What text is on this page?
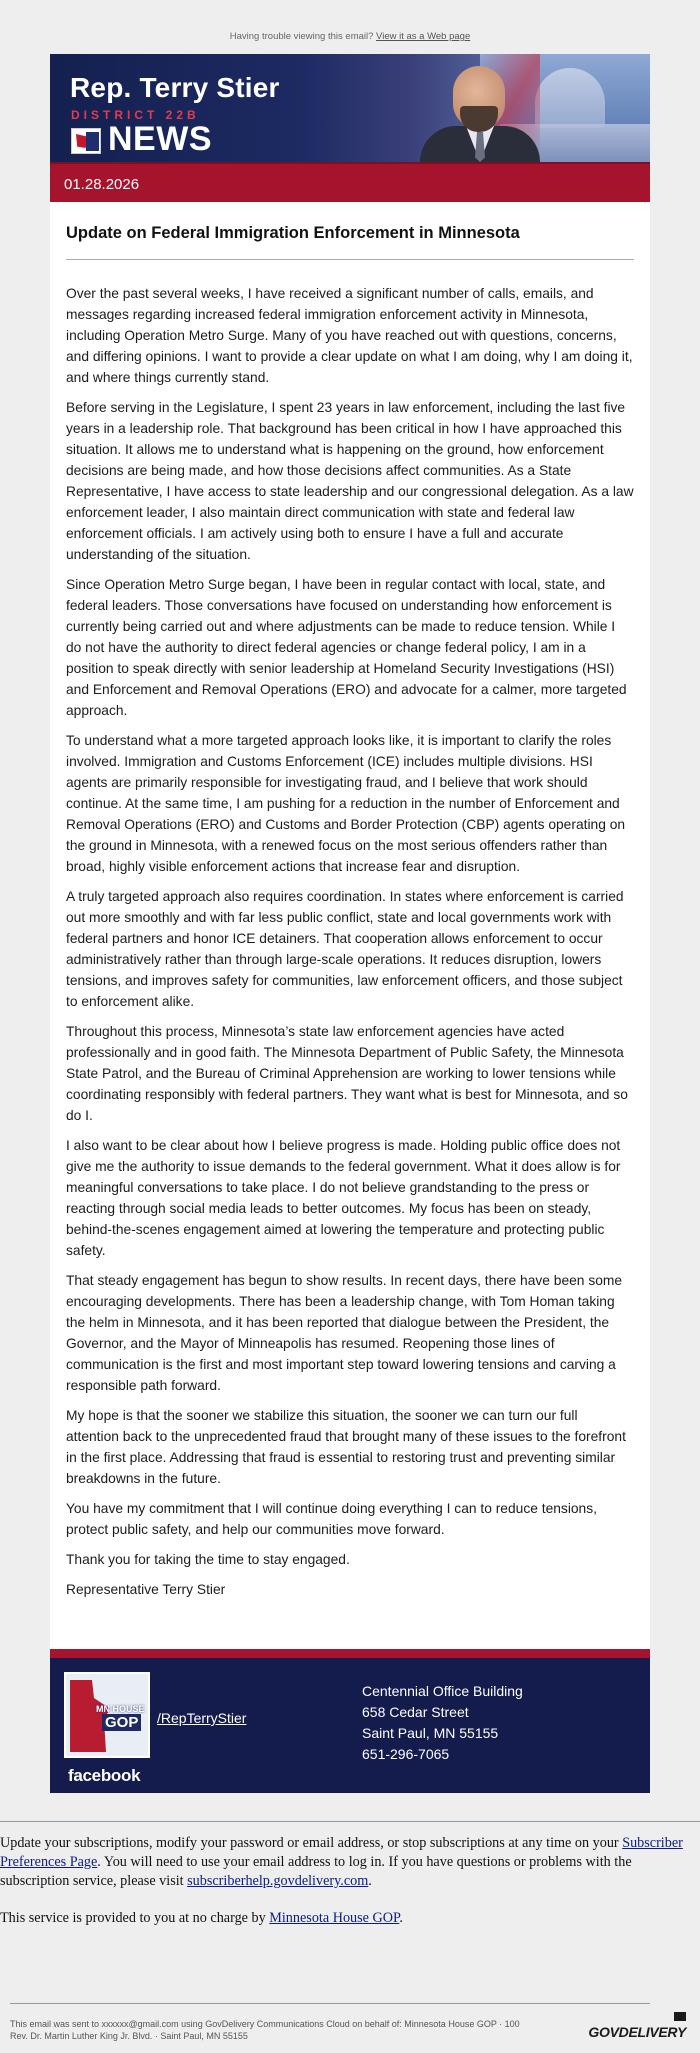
Having trouble viewing this email? View it as a Web page
Rep. Terry Stier
DISTRICT 22B
NEWS
01.28.2026
Update on Federal Immigration Enforcement in Minnesota

Over the past several weeks, I have received a significant number of calls, emails, and messages regarding increased federal immigration enforcement activity in Minnesota, including Operation Metro Surge. Many of you have reached out with questions, concerns, and differing opinions. I want to provide a clear update on what I am doing, why I am doing it, and where things currently stand.

Before serving in the Legislature, I spent 23 years in law enforcement, including the last five years in a leadership role. That background has been critical in how I have approached this situation. It allows me to understand what is happening on the ground, how enforcement decisions are being made, and how those decisions affect communities. As a State Representative, I have access to state leadership and our congressional delegation. As a law enforcement leader, I also maintain direct communication with state and federal law enforcement officials. I am actively using both to ensure I have a full and accurate understanding of the situation.

Since Operation Metro Surge began, I have been in regular contact with local, state, and federal leaders. Those conversations have focused on understanding how enforcement is currently being carried out and where adjustments can be made to reduce tension. While I do not have the authority to direct federal agencies or change federal policy, I am in a position to speak directly with senior leadership at Homeland Security Investigations (HSI) and Enforcement and Removal Operations (ERO) and advocate for a calmer, more targeted approach.

To understand what a more targeted approach looks like, it is important to clarify the roles involved. Immigration and Customs Enforcement (ICE) includes multiple divisions. HSI agents are primarily responsible for investigating fraud, and I believe that work should continue. At the same time, I am pushing for a reduction in the number of Enforcement and Removal Operations (ERO) and Customs and Border Protection (CBP) agents operating on the ground in Minnesota, with a renewed focus on the most serious offenders rather than broad, highly visible enforcement actions that increase fear and disruption.

A truly targeted approach also requires coordination. In states where enforcement is carried out more smoothly and with far less public conflict, state and local governments work with federal partners and honor ICE detainers. That cooperation allows enforcement to occur administratively rather than through large-scale operations. It reduces disruption, lowers tensions, and improves safety for communities, law enforcement officers, and those subject to enforcement alike.

Throughout this process, Minnesota’s state law enforcement agencies have acted professionally and in good faith. The Minnesota Department of Public Safety, the Minnesota State Patrol, and the Bureau of Criminal Apprehension are working to lower tensions while coordinating responsibly with federal partners. They want what is best for Minnesota, and so do I.

I also want to be clear about how I believe progress is made. Holding public office does not give me the authority to issue demands to the federal government. What it does allow is for meaningful conversations to take place. I do not believe grandstanding to the press or reacting through social media leads to better outcomes. My focus has been on steady, behind-the-scenes engagement aimed at lowering the temperature and protecting public safety.

That steady engagement has begun to show results. In recent days, there have been some encouraging developments. There has been a leadership change, with Tom Homan taking the helm in Minnesota, and it has been reported that dialogue between the President, the Governor, and the Mayor of Minneapolis has resumed. Reopening those lines of communication is the first and most important step toward lowering tensions and carving a responsible path forward.

My hope is that the sooner we stabilize this situation, the sooner we can turn our full attention back to the unprecedented fraud that brought many of these issues to the forefront in the first place. Addressing that fraud is essential to restoring trust and preventing similar breakdowns in the future.

You have my commitment that I will continue doing everything I can to reduce tensions, protect public safety, and help our communities move forward.

Thank you for taking the time to stay engaged.

Representative Terry Stier

MN HOUSE
GOP
facebook
/RepTerryStier
Centennial Office Building
658 Cedar Street
Saint Paul, MN 55155
651-296-7065

Update your subscriptions, modify your password or email address, or stop subscriptions at any time on your Subscriber Preferences Page. You will need to use your email address to log in. If you have questions or problems with the subscription service, please visit subscriberhelp.govdelivery.com.

This service is provided to you at no charge by Minnesota House GOP.

This email was sent to xxxxxx@gmail.com using GovDelivery Communications Cloud on behalf of: Minnesota House GOP · 100
Rev. Dr. Martin Luther King Jr. Blvd. · Saint Paul, MN 55155	GOVDELIVERY
